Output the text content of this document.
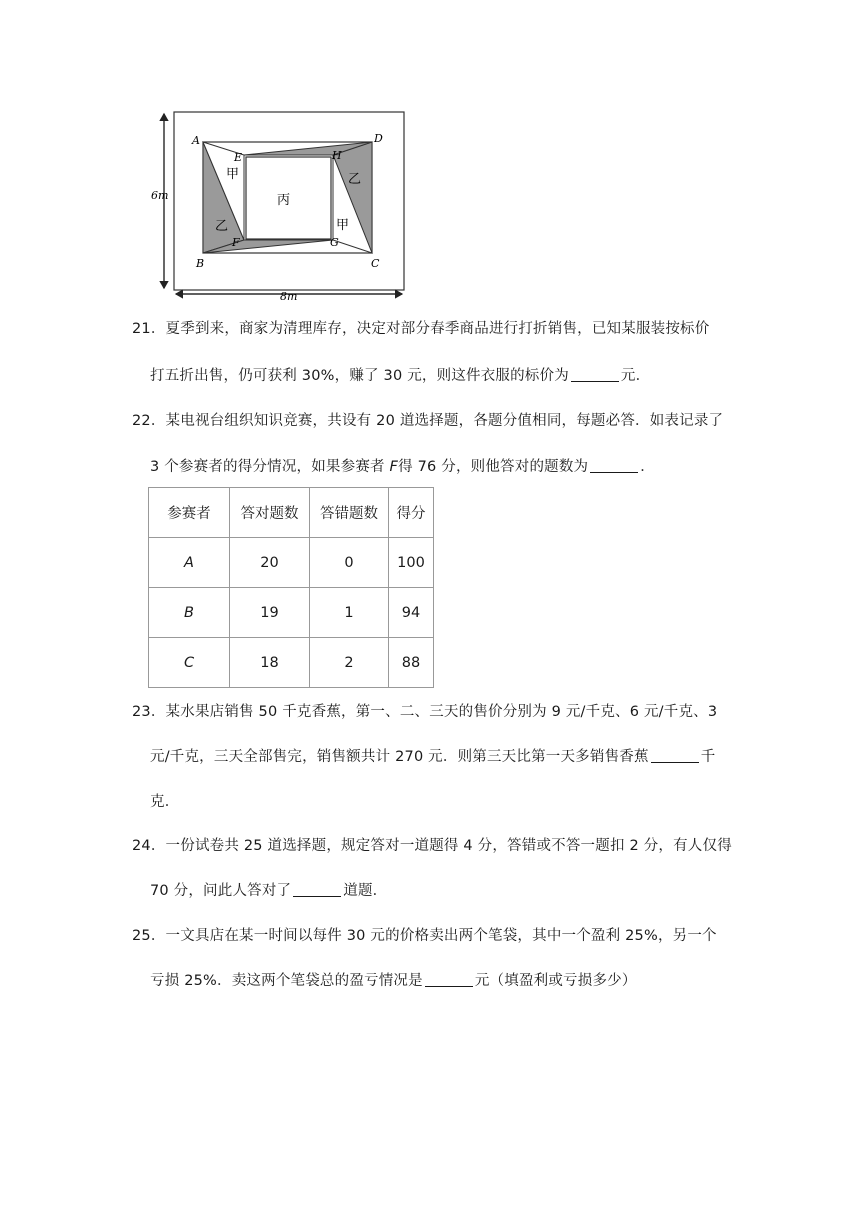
A	D
B	C
E	H
F	G
甲	乙
丙
乙	甲
6m
8m
21．夏季到来，商家为清理库存，决定对部分春季商品进行打折销售，已知某服装按标价
打五折出售，仍可获利 30%，赚了 30 元，则这件衣服的标价为	元．
22．某电视台组织知识竞赛，共设有 20 道选择题，各题分值相同，每题必答．如表记录了
3 个参赛者的得分情况，如果参赛者 F得 76 分，则他答对的题数为	．
参赛者	答对题数	答错题数	得分
A	20	0	100
B	19	1	94
C	18	2	88
23．某水果店销售 50 千克香蕉，第一、二、三天的售价分别为 9 元/千克、6 元/千克、3
元/千克，三天全部售完，销售额共计 270 元．则第三天比第一天多销售香蕉	千
克．
24．一份试卷共 25 道选择题，规定答对一道题得 4 分，答错或不答一题扣 2 分，有人仅得
70 分，问此人答对了	道题．
25．一文具店在某一时间以每件 30 元的价格卖出两个笔袋，其中一个盈利 25%，另一个
亏损 25%．卖这两个笔袋总的盈亏情况是	元（填盈利或亏损多少）
